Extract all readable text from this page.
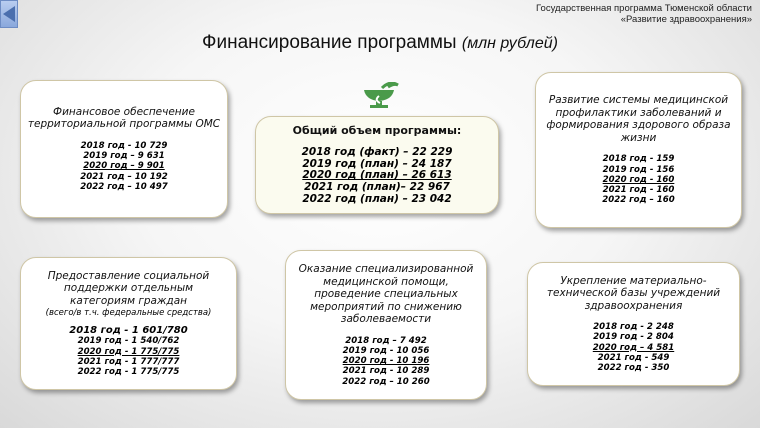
Государственная программа Тюменской области
«Развитие здравоохранения»
Финансирование программы (млн рублей)
Финансовое обеспечение территориальной программы ОМС
2018 год - 10 729
2019 год – 9 631
2020 год – 9 901
2021 год – 10 192
2022 год – 10 497
Общий объем программы:
2018 год (факт) – 22 229
2019 год (план) – 24 187
2020 год (план) – 26 613
2021 год (план)– 22 967
2022 год (план) – 23 042
Развитие системы медицинской профилактики заболеваний и формирования здорового образа жизни
2018 год - 159
2019 год - 156
2020 год - 160
2021 год - 160
2022 год – 160
Предоставление социальной поддержки отдельным категориям граждан
(всего/в т.ч. федеральные средства)
2018 год - 1 601/780
2019 год - 1 540/762
2020 год - 1 775/775
2021 год - 1 777/777
2022 год - 1 775/775
Оказание специализированной медицинской помощи, проведение специальных мероприятий по снижению заболеваемости
2018 год – 7 492
2019 год - 10 056
2020 год - 10 196
2021 год - 10 289
2022 год – 10 260
Укрепление материально-технической базы учреждений здравоохранения
2018 год - 2 248
2019 год - 2 804
2020 год – 4 581
2021 год - 549
2022 год - 350
